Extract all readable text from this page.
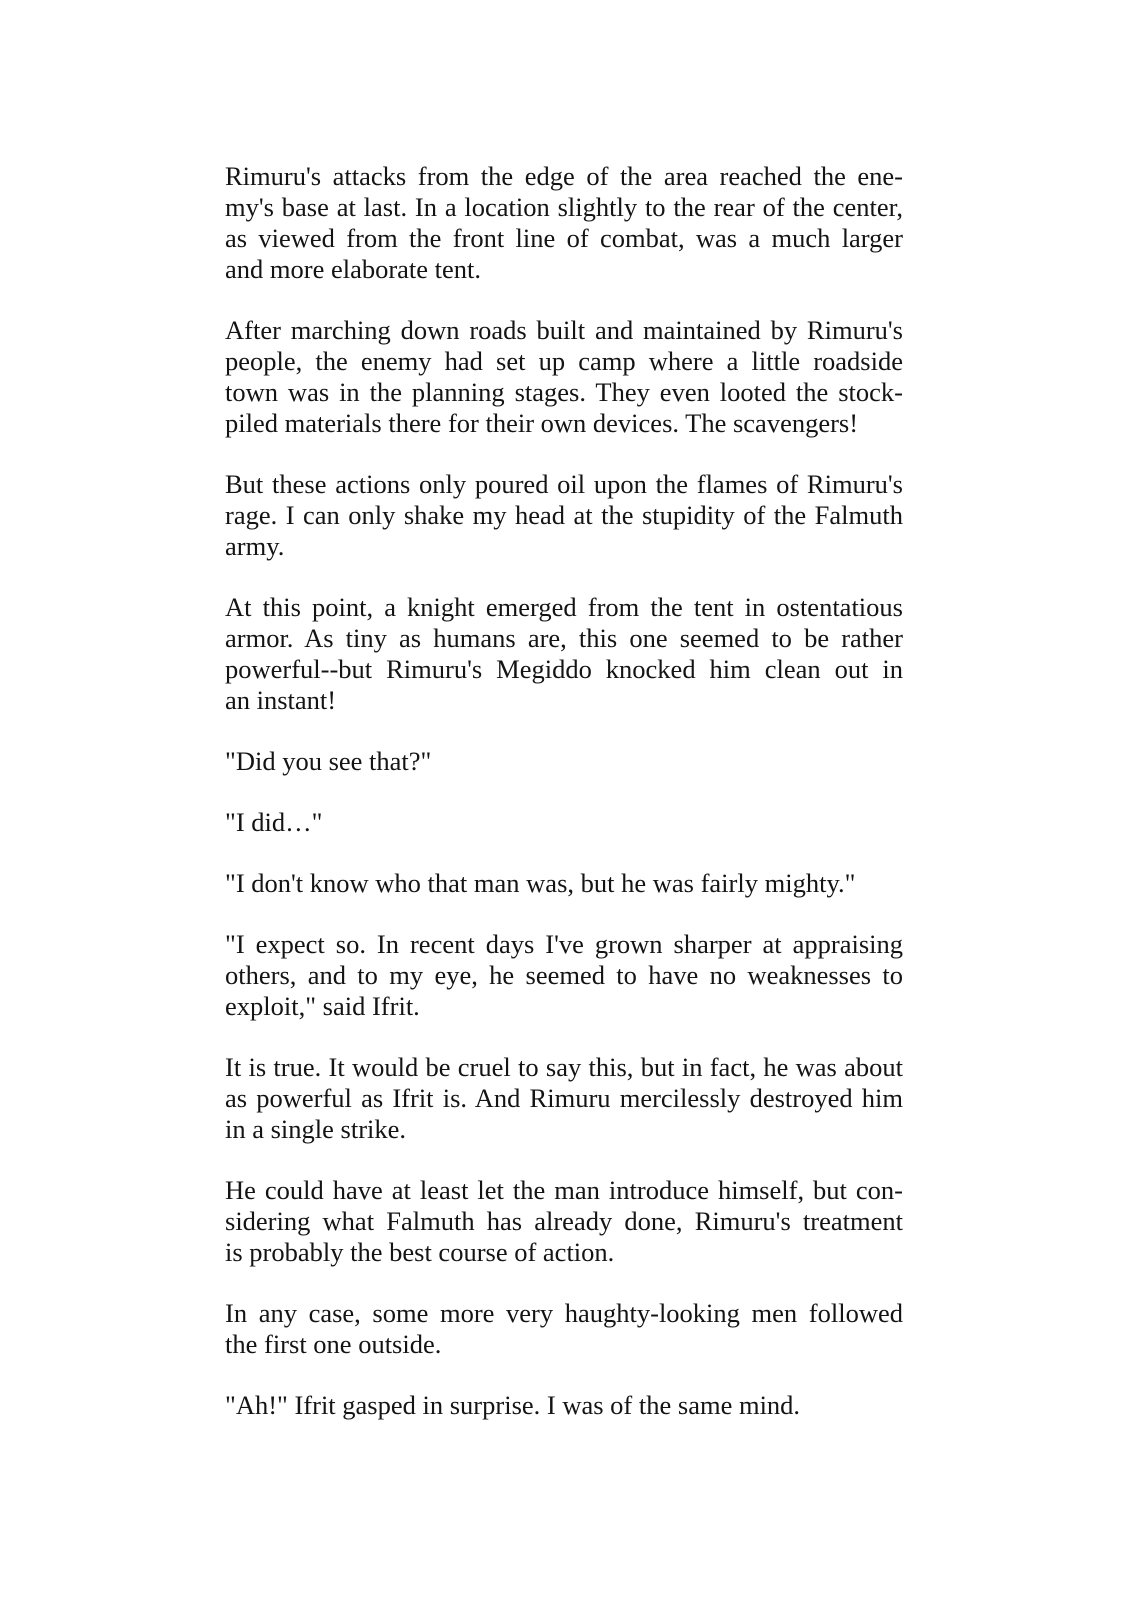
Rimuru's attacks from the edge of the area reached the ene-
my's base at last. In a location slightly to the rear of the center,
as viewed from the front line of combat, was a much larger
and more elaborate tent.
After marching down roads built and maintained by Rimuru's
people, the enemy had set up camp where a little roadside
town was in the planning stages. They even looted the stock-
piled materials there for their own devices. The scavengers!
But these actions only poured oil upon the flames of Rimuru's
rage. I can only shake my head at the stupidity of the Falmuth
army.
At this point, a knight emerged from the tent in ostentatious
armor. As tiny as humans are, this one seemed to be rather
powerful--but Rimuru's Megiddo knocked him clean out in
an instant!
"Did you see that?"
"I did…"
"I don't know who that man was, but he was fairly mighty."
"I expect so. In recent days I've grown sharper at appraising
others, and to my eye, he seemed to have no weaknesses to
exploit," said Ifrit.
It is true. It would be cruel to say this, but in fact, he was about
as powerful as Ifrit is. And Rimuru mercilessly destroyed him
in a single strike.
He could have at least let the man introduce himself, but con-
sidering what Falmuth has already done, Rimuru's treatment
is probably the best course of action.
In any case, some more very haughty-looking men followed
the first one outside.
"Ah!" Ifrit gasped in surprise. I was of the same mind.
